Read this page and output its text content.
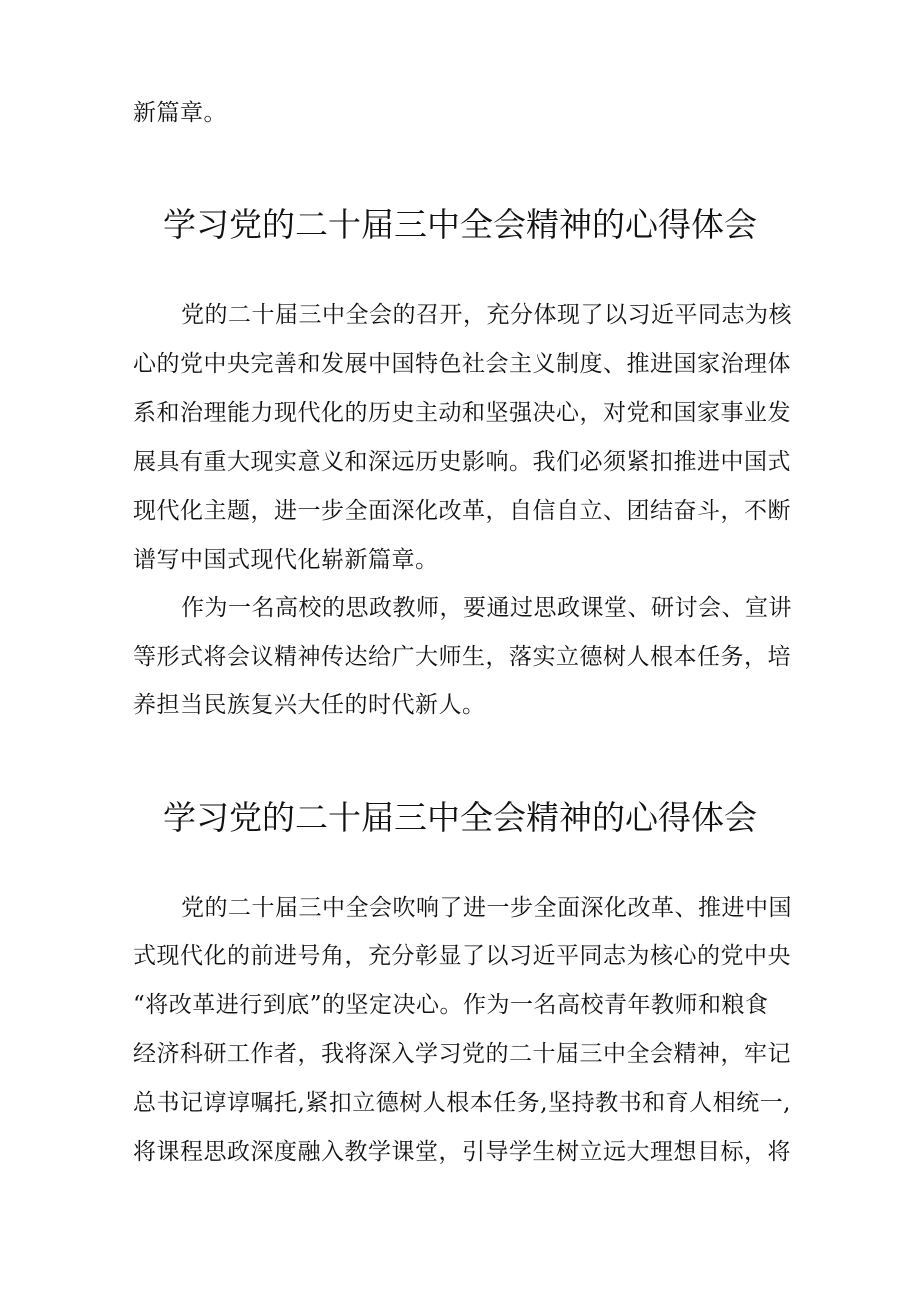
新篇章。
学习党的二十届三中全会精神的心得体会
党的二十届三中全会的召开，充分体现了以习近平同志为核
心的党中央完善和发展中国特色社会主义制度、推进国家治理体
系和治理能力现代化的历史主动和坚强决心，对党和国家事业发
展具有重大现实意义和深远历史影响。我们必须紧扣推进中国式
现代化主题，进一步全面深化改革，自信自立、团结奋斗，不断
谱写中国式现代化崭新篇章。
作为一名高校的思政教师，要通过思政课堂、研讨会、宣讲
等形式将会议精神传达给广大师生，落实立德树人根本任务，培
养担当民族复兴大任的时代新人。
学习党的二十届三中全会精神的心得体会
党的二十届三中全会吹响了进一步全面深化改革、推进中国
式现代化的前进号角，充分彰显了以习近平同志为核心的党中央
“将改革进行到底”的坚定决心。作为一名高校青年教师和粮食
经济科研工作者，我将深入学习党的二十届三中全会精神，牢记
总书记谆谆嘱托,紧扣立德树人根本任务,坚持教书和育人相统一,
将课程思政深度融入教学课堂，引导学生树立远大理想目标，将
